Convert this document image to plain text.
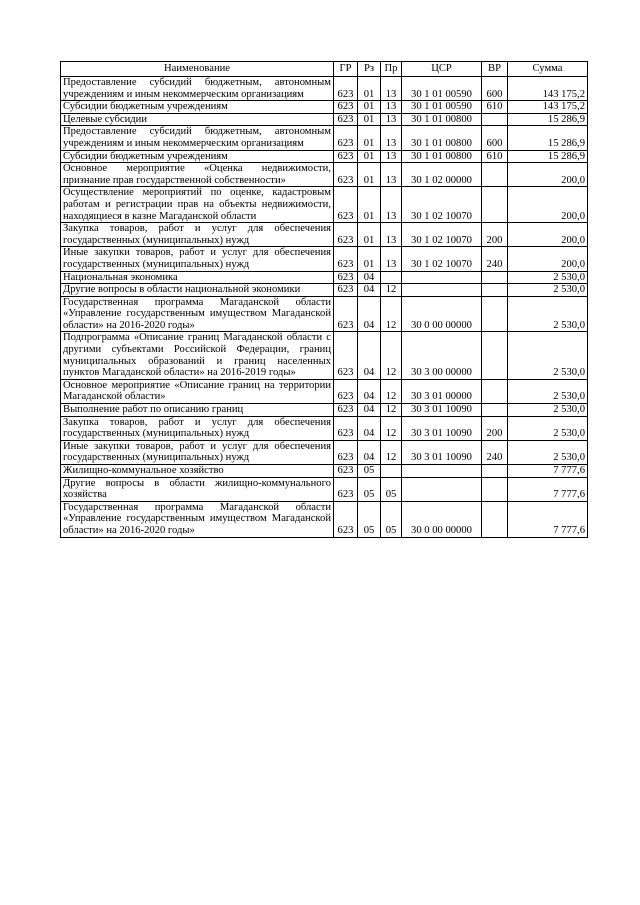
Наименование	ГР	Рз	Пр	ЦСР	ВР	Сумма
Предоставление субсидий бюджетным, автономным учреждениям и иным некоммерческим организациям	623	01	13	30 1 01 00590	600	143 175,2
Субсидии бюджетным учреждениям	623	01	13	30 1 01 00590	610	143 175,2
Целевые субсидии	623	01	13	30 1 01 00800		15 286,9
Предоставление субсидий бюджетным, автономным учреждениям и иным некоммерческим организациям	623	01	13	30 1 01 00800	600	15 286,9
Субсидии бюджетным учреждениям	623	01	13	30 1 01 00800	610	15 286,9
Основное мероприятие «Оценка недвижимости, признание прав государственной собственности»	623	01	13	30 1 02 00000		200,0
Осуществление мероприятий по оценке, кадастровым работам и регистрации прав на объекты недвижимости, находящиеся в казне Магаданской области	623	01	13	30 1 02 10070		200,0
Закупка товаров, работ и услуг для обеспечения государственных (муниципальных) нужд	623	01	13	30 1 02 10070	200	200,0
Иные закупки товаров, работ и услуг для обеспечения государственных (муниципальных) нужд	623	01	13	30 1 02 10070	240	200,0
Национальная экономика	623	04				2 530,0
Другие вопросы в области национальной экономики	623	04	12			2 530,0
Государственная программа Магаданской области «Управление государственным имуществом Магаданской области» на 2016-2020 годы»	623	04	12	30 0 00 00000		2 530,0
Подпрограмма «Описание границ Магаданской области с другими субъектами Российской Федерации, границ муниципальных образований и границ населенных пунктов Магаданской области» на 2016-2019 годы»	623	04	12	30 3 00 00000		2 530,0
Основное мероприятие «Описание границ на территории Магаданской области»	623	04	12	30 3 01 00000		2 530,0
Выполнение работ по описанию границ	623	04	12	30 3 01 10090		2 530,0
Закупка товаров, работ и услуг для обеспечения государственных (муниципальных) нужд	623	04	12	30 3 01 10090	200	2 530,0
Иные закупки товаров, работ и услуг для обеспечения государственных (муниципальных) нужд	623	04	12	30 3 01 10090	240	2 530,0
Жилищно-коммунальное хозяйство	623	05				7 777,6
Другие вопросы в области жилищно-коммунального хозяйства	623	05	05			7 777,6
Государственная программа Магаданской области «Управление государственным имуществом Магаданской области» на 2016-2020 годы»	623	05	05	30 0 00 00000		7 777,6
